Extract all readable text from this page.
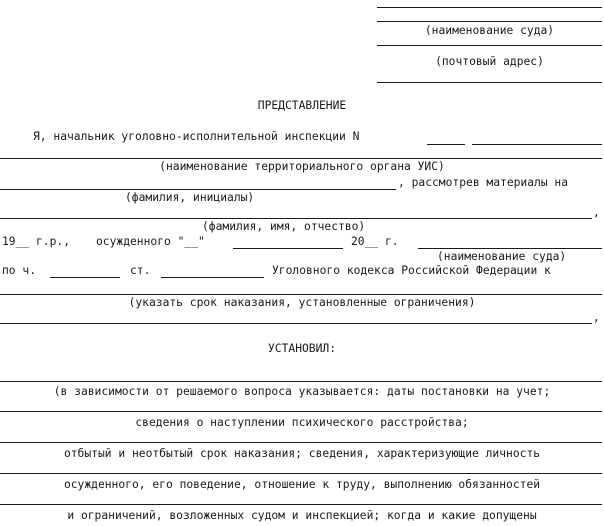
(наименование суда)
(почтовый адрес)
ПРЕДСТАВЛЕНИЕ
Я, начальник уголовно-исполнительной инспекции N
(наименование территориального органа УИС)
, рассмотрев материалы на
(фамилия, инициалы)
,
(фамилия, имя, отчество)
19__ г.р., осужденного "__"	20__ г.
(наименование суда)
по ч.	ст.	Уголовного кодекса Российской Федерации к
(указать срок наказания, установленные ограничения)
,
УСТАНОВИЛ:
(в зависимости от решаемого вопроса указывается: даты постановки на учет;
сведения о наступлении психического расстройства;
отбытый и неотбытый срок наказания; сведения, характеризующие личность
осужденного, его поведение, отношение к труду, выполнению обязанностей
и ограничений, возложенных судом и инспекцией; когда и какие допущены
